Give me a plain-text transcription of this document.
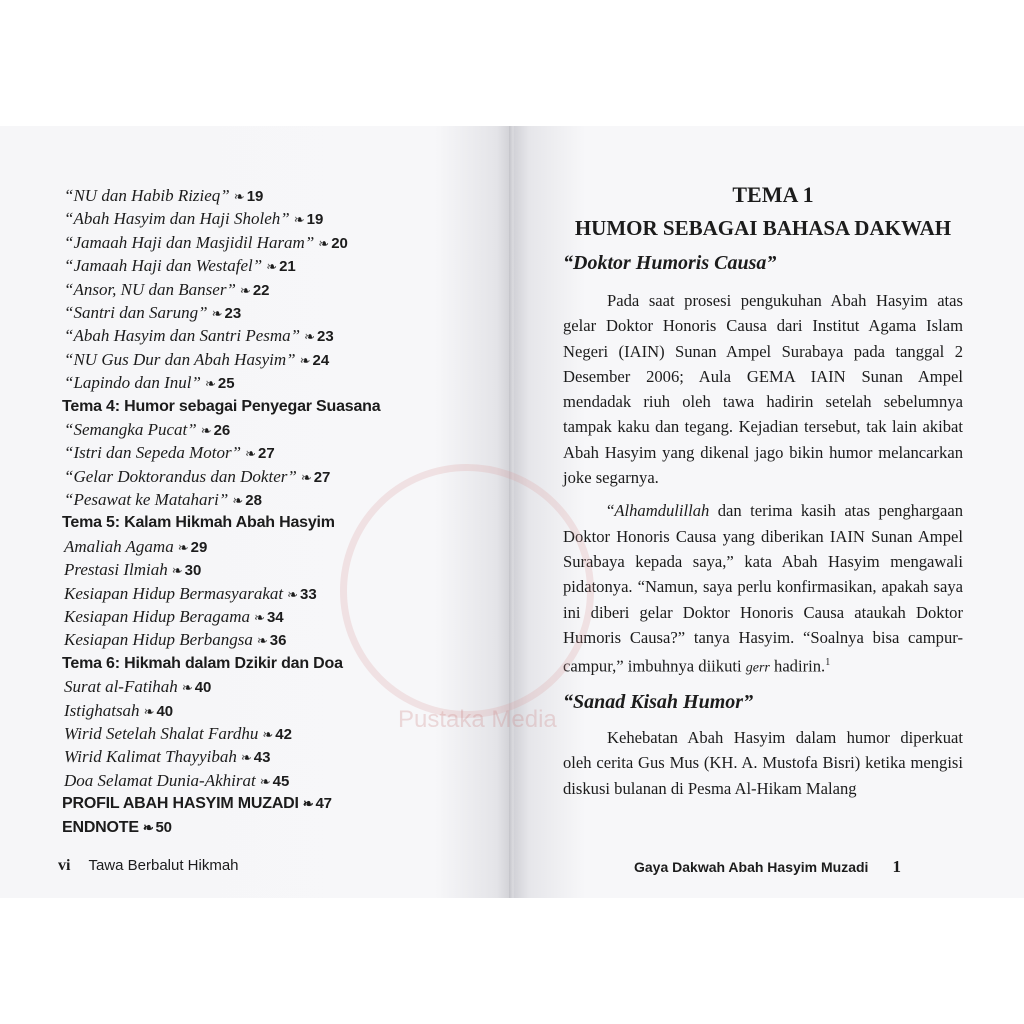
“NU dan Habib Rizieq” ❧ 19
“Abah Hasyim dan Haji Sholeh” ❧ 19
“Jamaah Haji dan Masjidil Haram” ❧ 20
“Jamaah Haji dan Westafel” ❧ 21
“Ansor, NU dan Banser” ❧ 22
“Santri dan Sarung” ❧ 23
“Abah Hasyim dan Santri Pesma” ❧ 23
“NU Gus Dur dan Abah Hasyim” ❧ 24
“Lapindo dan Inul” ❧ 25
Tema 4: Humor sebagai Penyegar Suasana
“Semangka Pucat” ❧ 26
“Istri dan Sepeda Motor” ❧ 27
“Gelar Doktorandus dan Dokter” ❧ 27
“Pesawat ke Matahari” ❧ 28
Tema 5: Kalam Hikmah Abah Hasyim
Amaliah Agama ❧ 29
Prestasi Ilmiah ❧ 30
Kesiapan Hidup Bermasyarakat ❧ 33
Kesiapan Hidup Beragama ❧ 34
Kesiapan Hidup Berbangsa ❧ 36
Tema 6: Hikmah dalam Dzikir dan Doa
Surat al-Fatihah ❧ 40
Istighatsah ❧ 40
Wirid Setelah Shalat Fardhu ❧ 42
Wirid Kalimat Thayyibah ❧ 43
Doa Selamat Dunia-Akhirat ❧ 45
PROFIL ABAH HASYIM MUZADI ❧ 47
ENDNOTE ❧ 50
vi Tawa Berbalut Hikmah
TEMA 1
HUMOR SEBAGAI BAHASA DAKWAH
“Doktor Humoris Causa”

Pada saat prosesi pengukuhan Abah Hasyim atas gelar Doktor Honoris Causa dari Institut Agama Islam Negeri (IAIN) Sunan Ampel Surabaya pada tanggal 2 Desember 2006; Aula GEMA IAIN Sunan Ampel mendadak riuh oleh tawa hadirin setelah sebelumnya tampak kaku dan tegang. Kejadian tersebut, tak lain akibat Abah Hasyim yang dikenal jago bikin humor melancarkan joke segarnya.

“Alhamdulillah dan terima kasih atas penghargaan Doktor Honoris Causa yang diberikan IAIN Sunan Ampel Surabaya kepada saya,” kata Abah Hasyim mengawali pidatonya. “Namun, saya perlu konfirmasikan, apakah saya ini diberi gelar Doktor Honoris Causa ataukah Doktor Humoris Causa?” tanya Hasyim. “Soalnya bisa campur-campur,” imbuhnya diikuti gerr hadirin.$^1$

“Sanad Kisah Humor”

Kehebatan Abah Hasyim dalam humor diperkuat oleh cerita Gus Mus (KH. A. Mustofa Bisri) ketika mengisi diskusi bulanan di Pesma Al-Hikam Malang

Gaya Dakwah Abah Hasyim Muzadi 1
Pustaka Media
